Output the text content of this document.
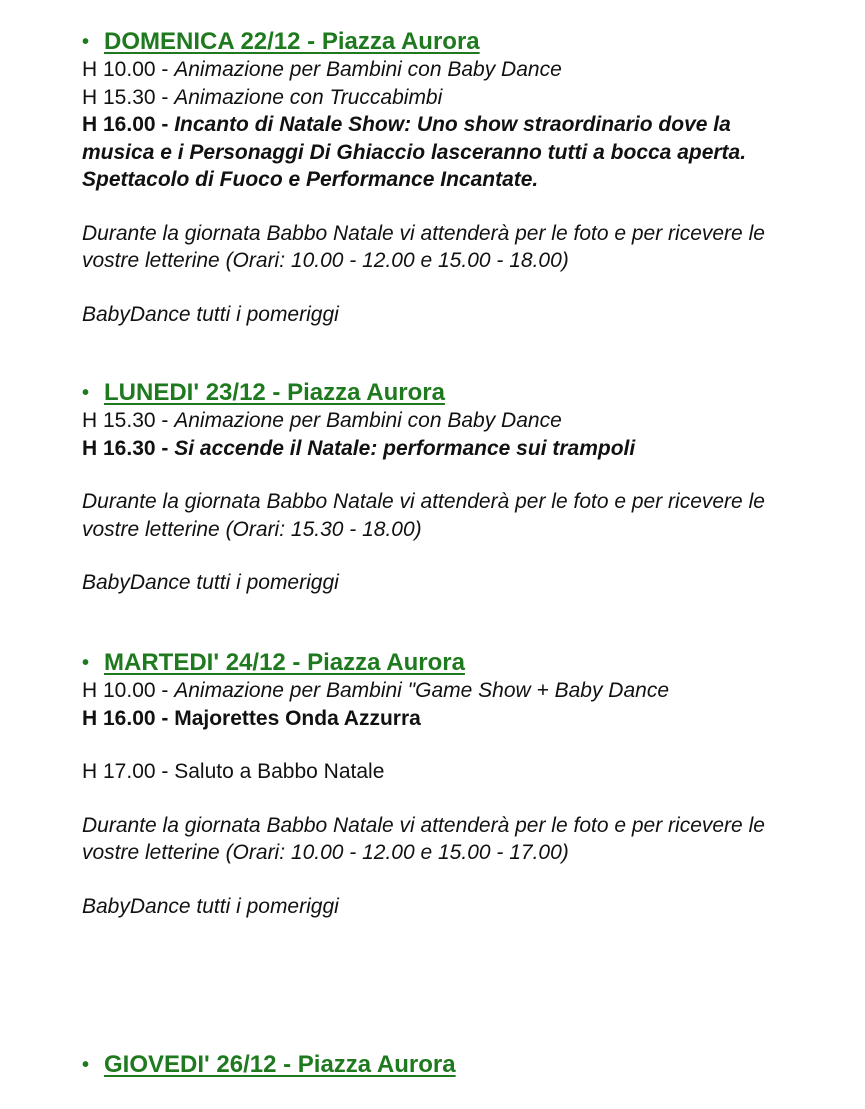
• DOMENICA 22/12 - Piazza Aurora

H 10.00 - Animazione per Bambini con Baby Dance

H 15.30 - Animazione con Truccabimbi

H 16.00 - Incanto di Natale Show: Uno show straordinario dove la musica e i Personaggi Di Ghiaccio lasceranno tutti a bocca aperta. Spettacolo di Fuoco e Performance Incantate.

Durante la giornata Babbo Natale vi attenderà per le foto e per ricevere le vostre letterine (Orari: 10.00 - 12.00 e 15.00 - 18.00)

BabyDance tutti i pomeriggi

• LUNEDI' 23/12 - Piazza Aurora

H 15.30 - Animazione per Bambini con Baby Dance

H 16.30 - Si accende il Natale: performance sui trampoli

Durante la giornata Babbo Natale vi attenderà per le foto e per ricevere le vostre letterine (Orari: 15.30 - 18.00)

BabyDance tutti i pomeriggi

• MARTEDI' 24/12 - Piazza Aurora

H 10.00 - Animazione per Bambini "Game Show + Baby Dance

H 16.00 - Majorettes Onda Azzurra

H 17.00 - Saluto a Babbo Natale

Durante la giornata Babbo Natale vi attenderà per le foto e per ricevere le vostre letterine (Orari: 10.00 - 12.00 e 15.00 - 17.00)

BabyDance tutti i pomeriggi

• GIOVEDI' 26/12 - Piazza Aurora
